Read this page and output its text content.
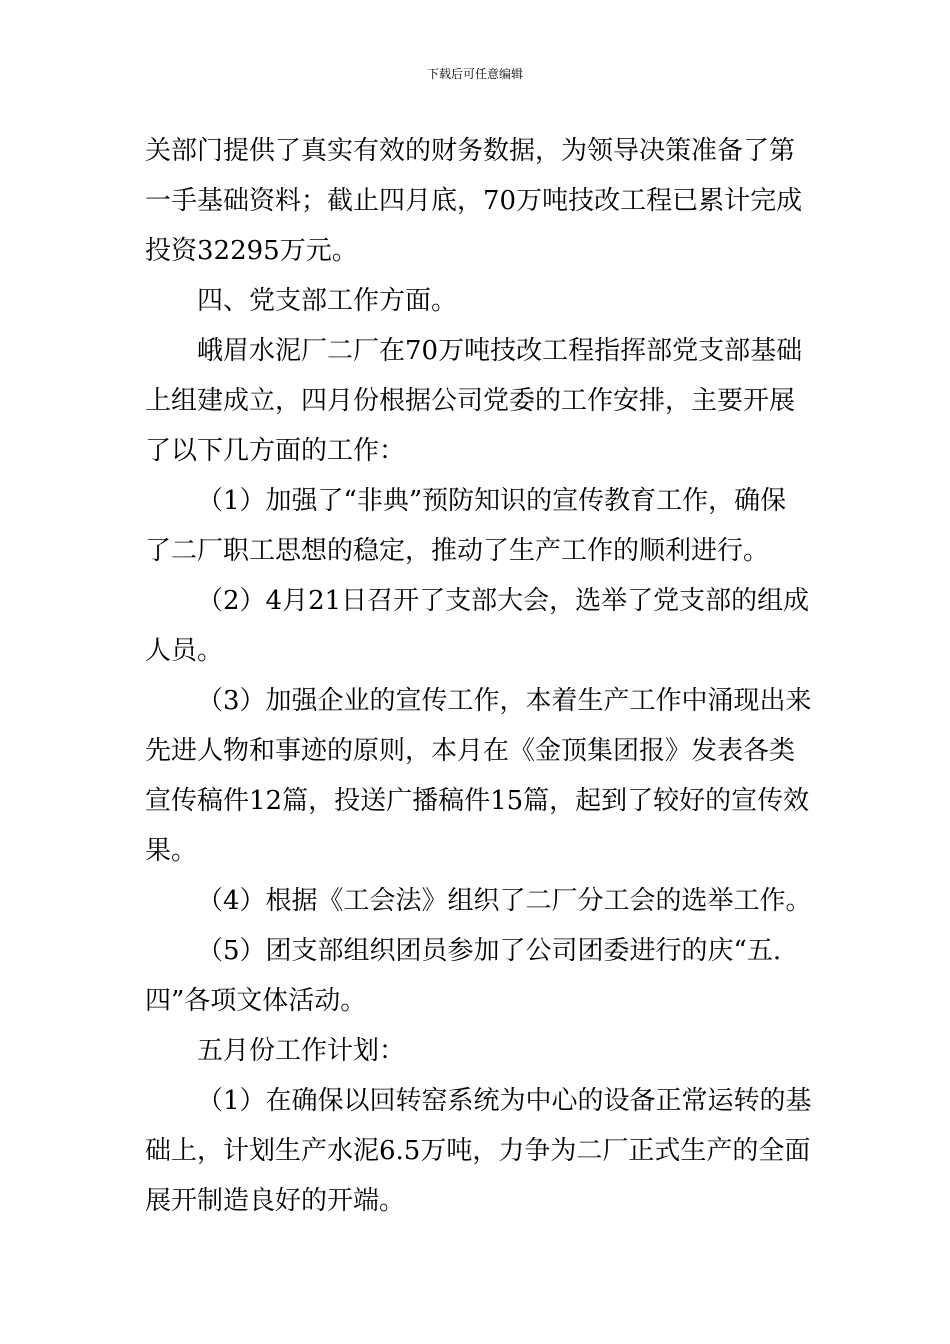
下载后可任意编辑
关部门提供了真实有效的财务数据，为领导决策准备了第
一手基础资料；截止四月底，70万吨技改工程已累计完成
投资32295万元。
四、党支部工作方面。
峨眉水泥厂二厂在70万吨技改工程指挥部党支部基础
上组建成立，四月份根据公司党委的工作安排，主要开展
了以下几方面的工作：
（1）加强了“非典”预防知识的宣传教育工作，确保
了二厂职工思想的稳定，推动了生产工作的顺利进行。
（2）4月21日召开了支部大会，选举了党支部的组成
人员。
（3）加强企业的宣传工作，本着生产工作中涌现出来
先进人物和事迹的原则，本月在《金顶集团报》发表各类
宣传稿件12篇，投送广播稿件15篇，起到了较好的宣传效
果。
（4）根据《工会法》组织了二厂分工会的选举工作。
（5）团支部组织团员参加了公司团委进行的庆“五.
四”各项文体活动。
五月份工作计划：
（1）在确保以回转窑系统为中心的设备正常运转的基
础上，计划生产水泥6.5万吨，力争为二厂正式生产的全面
展开制造良好的开端。
